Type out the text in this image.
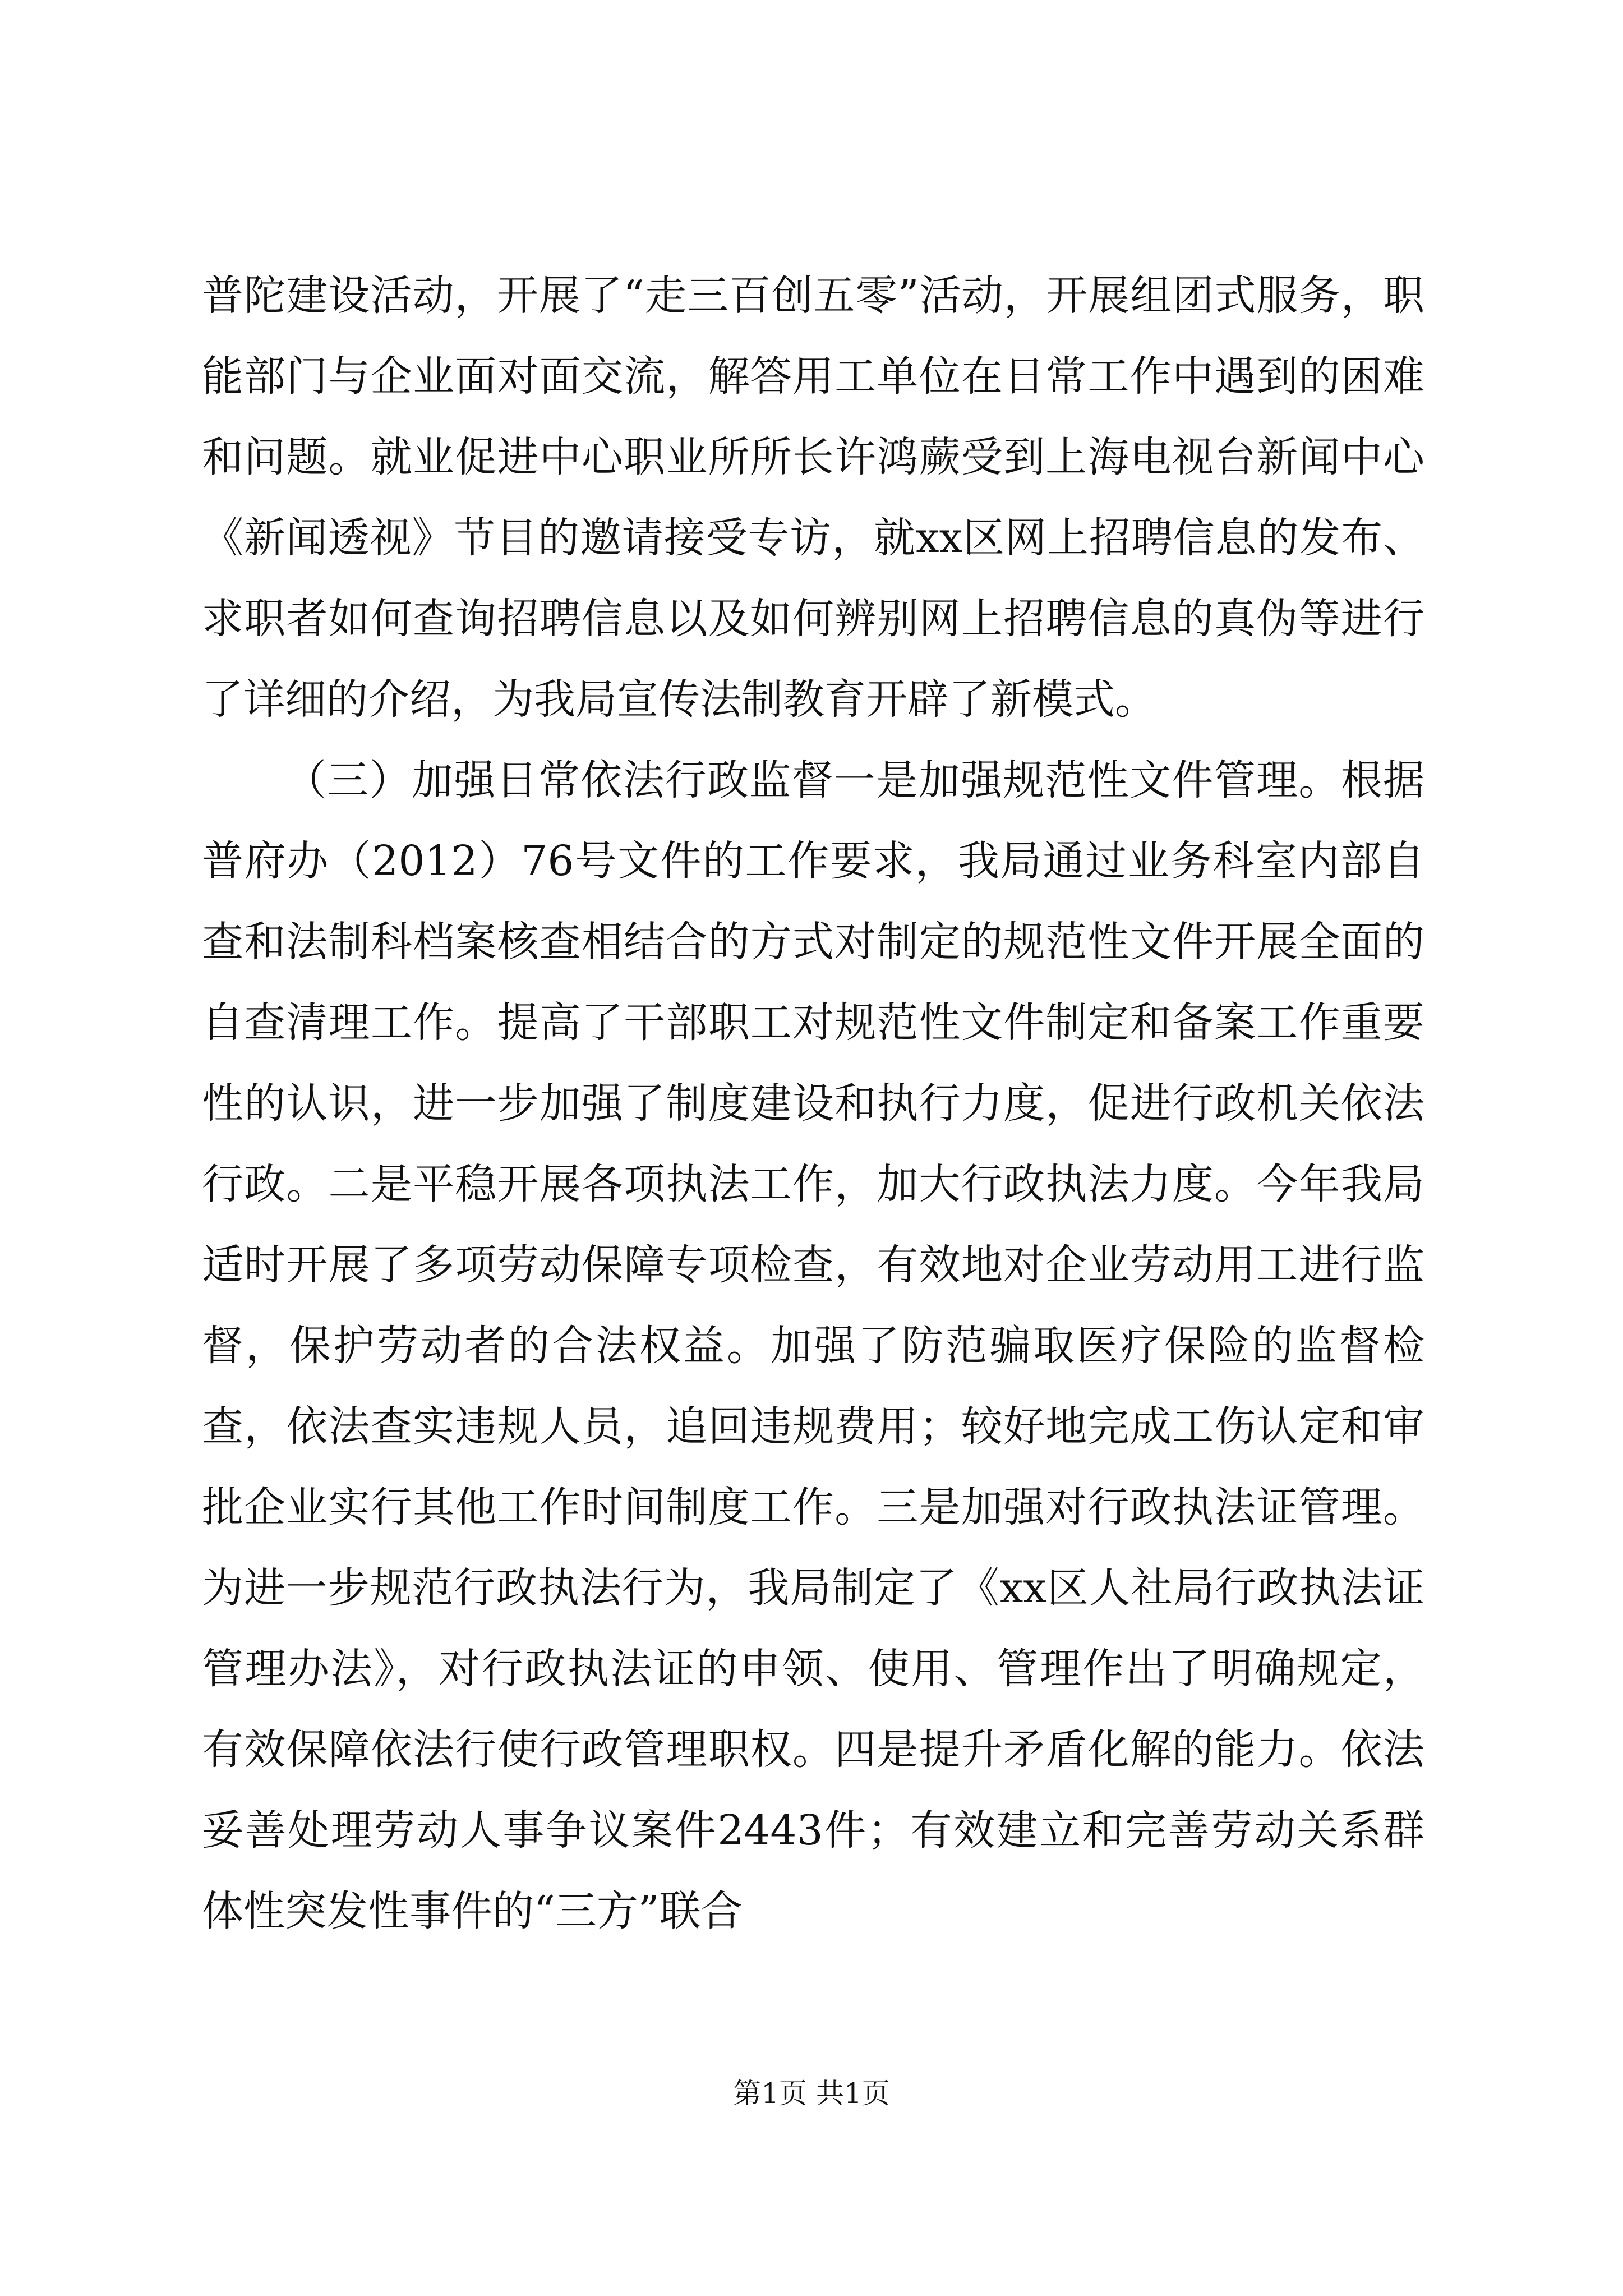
普陀建设活动，开展了“走三百创五零”活动，开展组团式服务，职能部门与企业面对面交流，解答用工单位在日常工作中遇到的困难和问题。就业促进中心职业所所长许鸿蕨受到上海电视台新闻中心《新闻透视》节目的邀请接受专访，就xx区网上招聘信息的发布、求职者如何查询招聘信息以及如何辨别网上招聘信息的真伪等进行了详细的介绍，为我局宣传法制教育开辟了新模式。

（三）加强日常依法行政监督一是加强规范性文件管理。根据普府办（2012）76号文件的工作要求，我局通过业务科室内部自查和法制科档案核查相结合的方式对制定的规范性文件开展全面的自查清理工作。提高了干部职工对规范性文件制定和备案工作重要性的认识，进一步加强了制度建设和执行力度，促进行政机关依法行政。二是平稳开展各项执法工作，加大行政执法力度。今年我局适时开展了多项劳动保障专项检查，有效地对企业劳动用工进行监督，保护劳动者的合法权益。加强了防范骗取医疗保险的监督检查，依法查实违规人员，追回违规费用；较好地完成工伤认定和审批企业实行其他工作时间制度工作。三是加强对行政执法证管理。为进一步规范行政执法行为，我局制定了《xx区人社局行政执法证管理办法》，对行政执法证的申领、使用、管理作出了明确规定，有效保障依法行使行政管理职权。四是提升矛盾化解的能力。依法妥善处理劳动人事争议案件2443件；有效建立和完善劳动关系群体性突发性事件的“三方”联合

第1页 共1页
